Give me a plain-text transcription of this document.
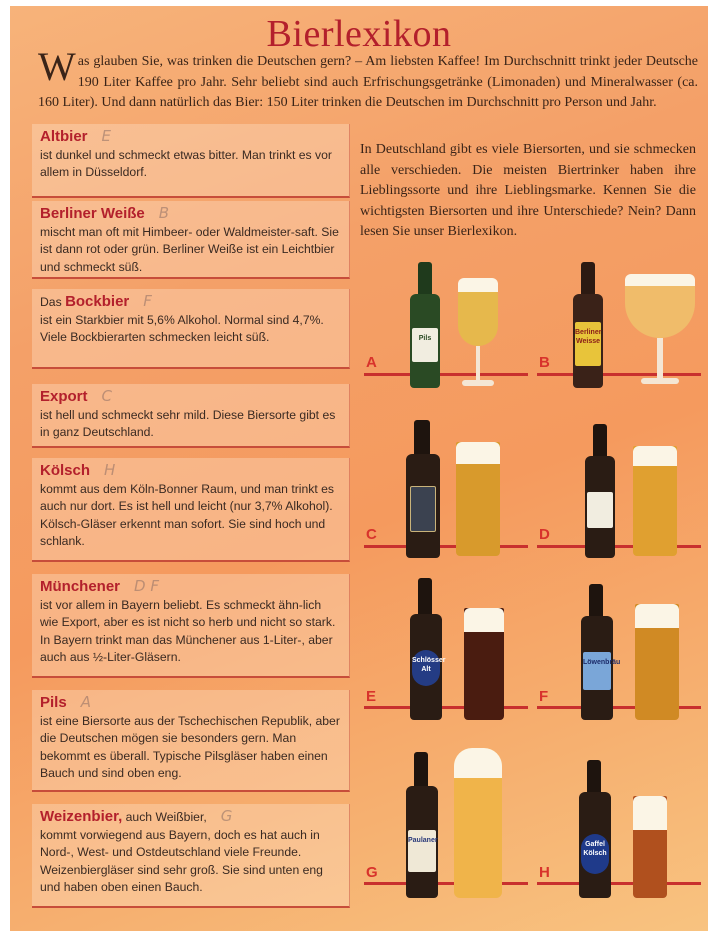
Bierlexikon
Was glauben Sie, was trinken die Deutschen gern? – Am liebsten Kaffee! Im Durchschnitt trinkt jeder Deutsche 190 Liter Kaffee pro Jahr. Sehr beliebt sind auch Erfrischungsgetränke (Limonaden) und Mineralwasser (ca. 160 Liter). Und dann natürlich das Bier: 150 Liter trinken die Deutschen im Durchschnitt pro Person und Jahr.
In Deutschland gibt es viele Biersorten, und sie schmecken alle verschieden. Die meisten Biertrinker haben ihre Lieblingssorte und ihre Lieblingsmarke. Kennen Sie die wichtigsten Biersorten und ihre Unterschiede? Nein? Dann lesen Sie unser Bierlexikon.
Altbier E
ist dunkel und schmeckt etwas bitter. Man trinkt es vor allem in Düsseldorf.
Berliner Weiße B
mischt man oft mit Himbeer- oder Waldmeister-saft. Sie ist dann rot oder grün. Berliner Weiße ist ein Leichtbier und schmeckt süß.
Das Bockbier F
ist ein Starkbier mit 5,6% Alkohol. Normal sind 4,7%. Viele Bockbierarten schmecken leicht süß.
Export C
ist hell und schmeckt sehr mild. Diese Biersorte gibt es in ganz Deutschland.
Kölsch H
kommt aus dem Köln-Bonner Raum, und man trinkt es auch nur dort. Es ist hell und leicht (nur 3,7% Alkohol). Kölsch-Gläser erkennt man sofort. Sie sind hoch und schlank.
Münchener D F
ist vor allem in Bayern beliebt. Es schmeckt ähn-lich wie Export, aber es ist nicht so herb und nicht so stark. In Bayern trinkt man das Münchener aus 1-Liter-, aber auch aus ½-Liter-Gläsern.
Pils A
ist eine Biersorte aus der Tschechischen Republik, aber die Deutschen mögen sie besonders gern. Man bekommt es überall. Typische Pilsgläser haben einen Bauch und sind oben eng.
Weizenbier, auch Weißbier, G
kommt vorwiegend aus Bayern, doch es hat auch in Nord-, West- und Ostdeutschland viele Freunde. Weizenbiergläser sind sehr groß. Sie sind unten eng und haben oben einen Bauch.
A
Pils
B
Berliner Weisse
C	D
E
Schlösser Alt
F
Löwenbräu
G
Paulaner
H
Gaffel Kölsch
